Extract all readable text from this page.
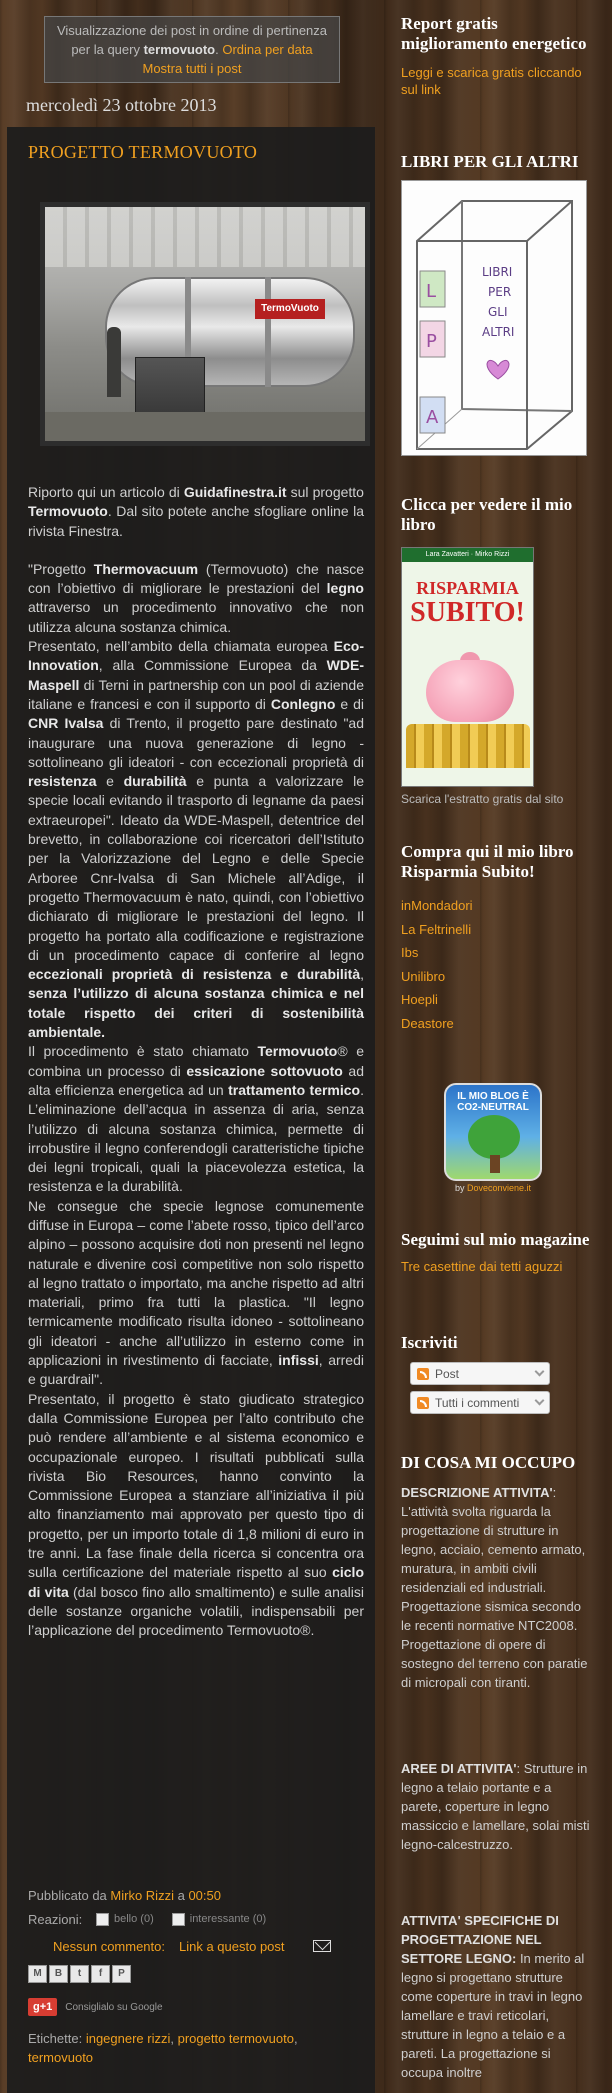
Visualizzazione dei post in ordine di pertinenza per la query termovuoto. Ordina per data Mostra tutti i post
mercoledì 23 ottobre 2013
PROGETTO TERMOVUOTO
TermoVuoto

Riporto qui un articolo di Guidafinestra.it sul progetto Termovuoto. Dal sito potete anche sfogliare online la rivista Finestra.

"Progetto Thermovacuum (Termovuoto) che nasce con l’obiettivo di migliorare le prestazioni del legno attraverso un procedimento innovativo che non utilizza alcuna sostanza chimica.

Presentato, nell’ambito della chiamata europea Eco-Innovation, alla Commissione Europea da WDE-Maspell di Terni in partnership con un pool di aziende italiane e francesi e con il supporto di Conlegno e di CNR Ivalsa di Trento, il progetto pare destinato "ad inaugurare una nuova generazione di legno - sottolineano gli ideatori - con eccezionali proprietà di resistenza e durabilità e punta a valorizzare le specie locali evitando il trasporto di legname da paesi extraeuropei". Ideato da WDE-Maspell, detentrice del brevetto, in collaborazione coi ricercatori dell’Istituto per la Valorizzazione del Legno e delle Specie Arboree Cnr-Ivalsa di San Michele all’Adige, il progetto Thermovacuum è nato, quindi, con l’obiettivo dichiarato di migliorare le prestazioni del legno. Il progetto ha portato alla codificazione e registrazione di un procedimento capace di conferire al legno eccezionali proprietà di resistenza e durabilità, senza l’utilizzo di alcuna sostanza chimica e nel totale rispetto dei criteri di sostenibilità ambientale.

Il procedimento è stato chiamato Termovuoto® e combina un processo di essicazione sottovuoto ad alta efficienza energetica ad un trattamento termico. L’eliminazione dell’acqua in assenza di aria, senza l’utilizzo di alcuna sostanza chimica, permette di irrobustire il legno conferendogli caratteristiche tipiche dei legni tropicali, quali la piacevolezza estetica, la resistenza e la durabilità.

Ne consegue che specie legnose comunemente diffuse in Europa – come l’abete rosso, tipico dell’arco alpino – possono acquisire doti non presenti nel legno naturale e divenire così competitive non solo rispetto al legno trattato o importato, ma anche rispetto ad altri materiali, primo fra tutti la plastica. "Il legno termicamente modificato risulta idoneo - sottolineano gli ideatori - anche all’utilizzo in esterno come in applicazioni in rivestimento di facciate, infissi, arredi e guardrail".

Presentato, il progetto è stato giudicato strategico dalla Commissione Europea per l’alto contributo che può rendere all’ambiente e al sistema economico e occupazionale europeo. I risultati pubblicati sulla rivista Bio Resources, hanno convinto la Commissione Europea a stanziare all’iniziativa il più alto finanziamento mai approvato per questo tipo di progetto, per un importo totale di 1,8 milioni di euro in tre anni. La fase finale della ricerca si concentra ora sulla certificazione del materiale rispetto al suo ciclo di vita (dal bosco fino allo smaltimento) e sulle analisi delle sostanze organiche volatili, indispensabili per l’applicazione del procedimento Termovuoto®.

Pubblicato da Mirko Rizzi a 00:50
Reazioni:	bello (0)	interessante (0)
Nessun commento: Link a questo post
M	B	t	f	P
g+1	Consiglialo su Google
Etichette: ingegnere rizzi, progetto termovuoto, termovuoto
Report gratis miglioramento energetico
Leggi e scarica gratis cliccando sul link
LIBRI PER GLI ALTRI
L
P
A
LIBRI
PER
GLI
ALTRI
Clicca per vedere il mio libro
Lara Zavatteri · Mirko Rizzi
RISPARMIA
SUBITO!
Scarica l'estratto gratis dal sito
Compra qui il mio libro Risparmia Subito!
inMondadori
La Feltrinelli
Ibs
Unilibro
Hoepli
Deastore
IL MIO BLOG È CO2-NEUTRAL
by Doveconviene.it
Seguimi sul mio magazine
Tre casettine dai tetti aguzzi
Iscriviti
Post
Tutti i commenti
DI COSA MI OCCUPO
DESCRIZIONE ATTIVITA': L'attività svolta riguarda la progettazione di strutture in legno, acciaio, cemento armato, muratura, in ambiti civili residenziali ed industriali. Progettazione sismica secondo le recenti normative NTC2008. Progettazione di opere di sostegno del terreno con paratie di micropali con tiranti.
AREE DI ATTIVITA': Strutture in legno a telaio portante e a parete, coperture in legno massiccio e lamellare, solai misti legno-calcestruzzo.
ATTIVITA' SPECIFICHE DI PROGETTAZIONE NEL SETTORE LEGNO: In merito al legno si progettano strutture come coperture in travi in legno lamellare e travi reticolari, strutture in legno a telaio e a pareti. La progettazione si occupa inoltre
